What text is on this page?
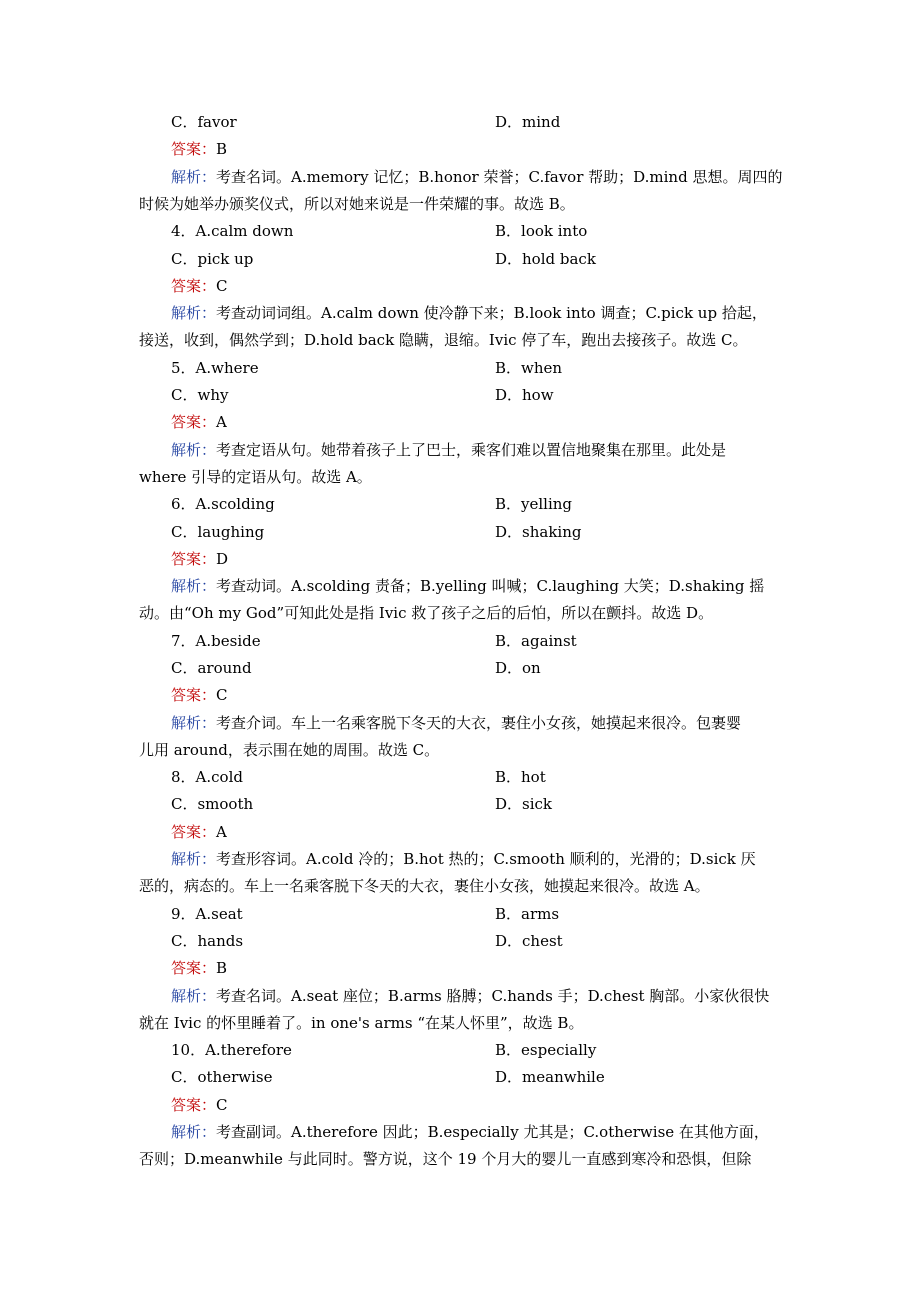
C．favor	D．mind
答案：B
解析：考查名词。A.memory 记忆；B.honor 荣誉；C.favor 帮助；D.mind 思想。周四的
时候为她举办颁奖仪式，所以对她来说是一件荣耀的事。故选 B。
4．A.calm down	B．look into
C．pick up	D．hold back
答案：C
解析：考查动词词组。A.calm down 使冷静下来；B.look into 调查；C.pick up 拾起，
接送，收到，偶然学到；D.hold back 隐瞒，退缩。Ivic 停了车，跑出去接孩子。故选 C。
5．A.where	B．when
C．why	D．how
答案：A
解析：考查定语从句。她带着孩子上了巴士，乘客们难以置信地聚集在那里。此处是
where 引导的定语从句。故选 A。
6．A.scolding	B．yelling
C．laughing	D．shaking
答案：D
解析：考查动词。A.scolding 责备；B.yelling 叫喊；C.laughing 大笑；D.shaking 摇
动。由“Oh my God”可知此处是指 Ivic 救了孩子之后的后怕，所以在颤抖。故选 D。
7．A.beside	B．against
C．around	D．on
答案：C
解析：考查介词。车上一名乘客脱下冬天的大衣，裹住小女孩，她摸起来很冷。包裹婴
儿用 around，表示围在她的周围。故选 C。
8．A.cold	B．hot
C．smooth	D．sick
答案：A
解析：考查形容词。A.cold 冷的；B.hot 热的；C.smooth 顺利的，光滑的；D.sick 厌
恶的，病态的。车上一名乘客脱下冬天的大衣，裹住小女孩，她摸起来很冷。故选 A。
9．A.seat	B．arms
C．hands	D．chest
答案：B
解析：考查名词。A.seat 座位；B.arms 胳膊；C.hands 手；D.chest 胸部。小家伙很快
就在 Ivic 的怀里睡着了。in one's arms “在某人怀里”，故选 B。
10．A.therefore	B．especially
C．otherwise	D．meanwhile
答案：C
解析：考查副词。A.therefore 因此；B.especially 尤其是；C.otherwise 在其他方面，
否则；D.meanwhile 与此同时。警方说，这个 19 个月大的婴儿一直感到寒冷和恐惧，但除
